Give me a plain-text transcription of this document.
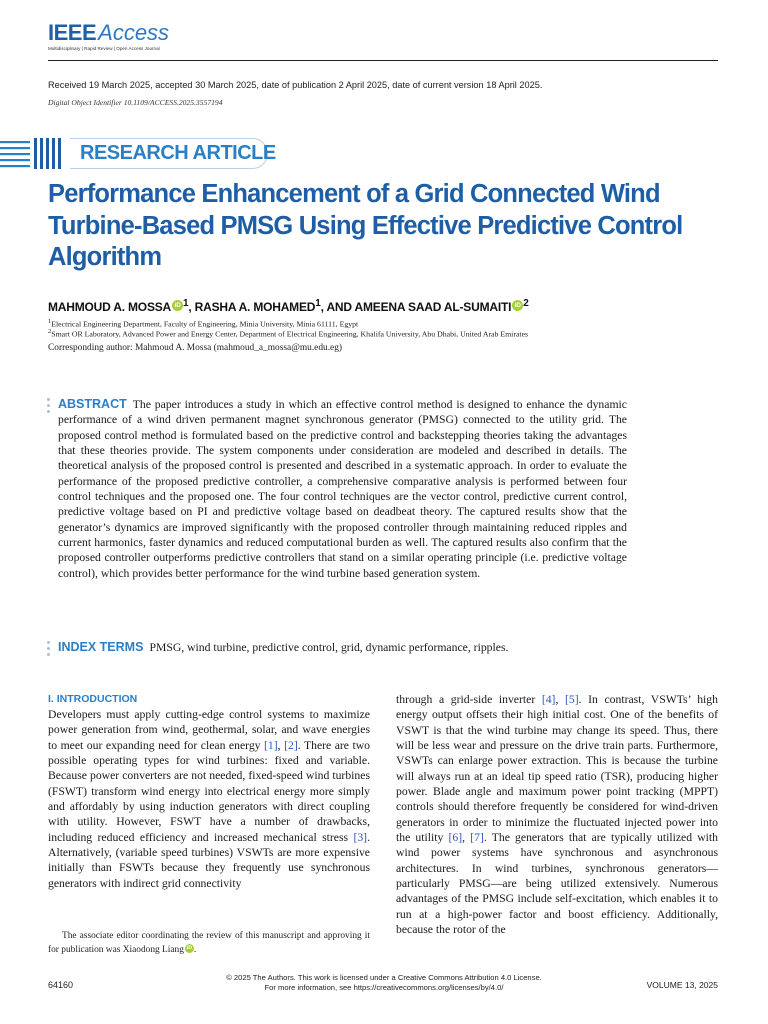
IEEEAccess
Multidisciplinary | Rapid Review | Open Access Journal
Received 19 March 2025, accepted 30 March 2025, date of publication 2 April 2025, date of current version 18 April 2025.
Digital Object Identifier 10.1109/ACCESS.2025.3557194
RESEARCH ARTICLE
Performance Enhancement of a Grid Connected Wind Turbine-Based PMSG Using Effective Predictive Control Algorithm
MAHMOUD A. MOSSA iD $^1$, RASHA A. MOHAMED$^1$, AND AMEENA SAAD AL-SUMAITI iD $^2$
$^1$Electrical Engineering Department, Faculty of Engineering, Minia University, Minia 61111, Egypt
$^2$Smart OR Laboratory, Advanced Power and Energy Center, Department of Electrical Engineering, Khalifa University, Abu Dhabi, United Arab Emirates
Corresponding author: Mahmoud A. Mossa (mahmoud_a_mossa@mu.edu.eg)
ABSTRACT The paper introduces a study in which an effective control method is designed to enhance the dynamic performance of a wind driven permanent magnet synchronous generator (PMSG) connected to the utility grid. The proposed control method is formulated based on the predictive control and backstepping theories taking the advantages that these theories provide. The system components under consideration are modeled and described in details. The theoretical analysis of the proposed control is presented and described in a systematic approach. In order to evaluate the performance of the proposed predictive controller, a comprehensive comparative analysis is performed between four control techniques and the proposed one. The four control techniques are the vector control, predictive current control, predictive voltage based on PI and predictive voltage based on deadbeat theory. The captured results show that the generator’s dynamics are improved significantly with the proposed controller through maintaining reduced ripples and current harmonics, faster dynamics and reduced computational burden as well. The captured results also confirm that the proposed controller outperforms predictive controllers that stand on a similar operating principle (i.e. predictive voltage control), which provides better performance for the wind turbine based generation system.
INDEX TERMS PMSG, wind turbine, predictive control, grid, dynamic performance, ripples.
I. INTRODUCTION

Developers must apply cutting-edge control systems to maximize power generation from wind, geothermal, solar, and wave energies to meet our expanding need for clean energy [1], [2]. There are two possible operating types for wind turbines: fixed and variable. Because power converters are not needed, fixed-speed wind turbines (FSWT) transform wind energy into electrical energy more simply and affordably by using induction generators with direct coupling with utility. However, FSWT have a number of drawbacks, including reduced efficiency and increased mechanical stress [3]. Alternatively, (variable speed turbines) VSWTs are more expensive initially than FSWTs because they frequently use synchronous generators with indirect grid connectivity

The associate editor coordinating the review of this manuscript and approving it for publication was Xiaodong Liang iD .

through a grid-side inverter [4], [5]. In contrast, VSWTs’ high energy output offsets their high initial cost. One of the benefits of VSWT is that the wind turbine may change its speed. Thus, there will be less wear and pressure on the drive train parts. Furthermore, VSWTs can enlarge power extraction. This is because the turbine will always run at an ideal tip speed ratio (TSR), producing higher power. Blade angle and maximum power point tracking (MPPT) controls should therefore frequently be considered for wind-driven generators in order to minimize the fluctuated injected power into the utility [6], [7]. The generators that are typically utilized with wind power systems have synchronous and asynchronous architectures. In wind turbines, synchronous generators—particularly PMSG—are being utilized extensively. Numerous advantages of the PMSG include self-excitation, which enables it to run at a high-power factor and boost efficiency. Additionally, because the rotor of the

© 2025 The Authors. This work is licensed under a Creative Commons Attribution 4.0 License.
For more information, see https://creativecommons.org/licenses/by/4.0/
64160	VOLUME 13, 2025
